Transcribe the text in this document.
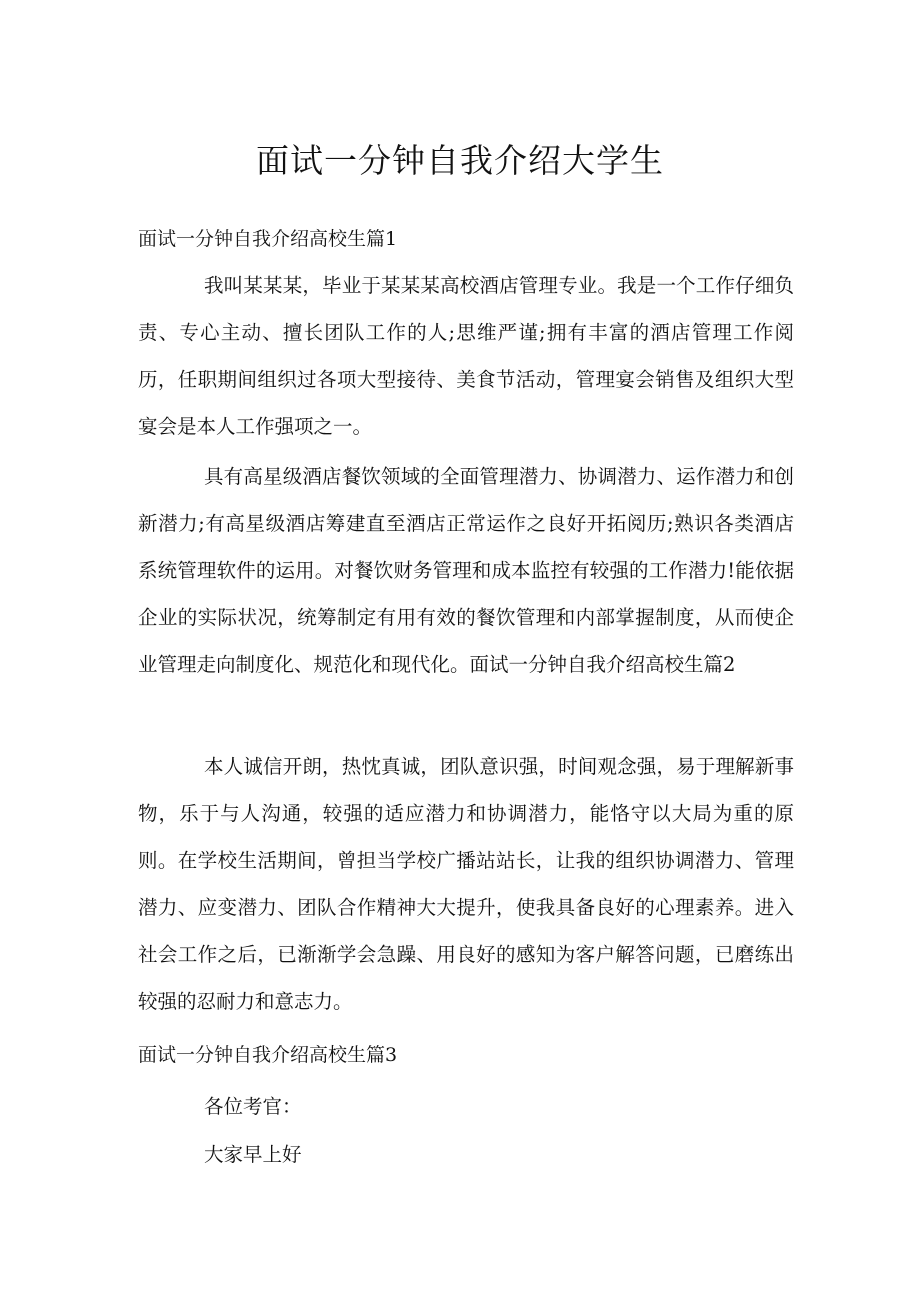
面试一分钟自我介绍大学生
面试一分钟自我介绍高校生篇1
我叫某某某，毕业于某某某高校酒店管理专业。我是一个工作仔细负责、专心主动、擅长团队工作的人;思维严谨;拥有丰富的酒店管理工作阅历，任职期间组织过各项大型接待、美食节活动，管理宴会销售及组织大型宴会是本人工作强项之一。
具有高星级酒店餐饮领域的全面管理潜力、协调潜力、运作潜力和创新潜力;有高星级酒店筹建直至酒店正常运作之良好开拓阅历;熟识各类酒店系统管理软件的运用。对餐饮财务管理和成本监控有较强的工作潜力!能依据企业的实际状况，统筹制定有用有效的餐饮管理和内部掌握制度，从而使企业管理走向制度化、规范化和现代化。面试一分钟自我介绍高校生篇2
本人诚信开朗，热忱真诚，团队意识强，时间观念强，易于理解新事物，乐于与人沟通，较强的适应潜力和协调潜力，能恪守以大局为重的原则。在学校生活期间，曾担当学校广播站站长，让我的组织协调潜力、管理潜力、应变潜力、团队合作精神大大提升，使我具备良好的心理素养。进入社会工作之后，已渐渐学会急躁、用良好的感知为客户解答问题，已磨练出较强的忍耐力和意志力。
面试一分钟自我介绍高校生篇3
各位考官：
大家早上好
